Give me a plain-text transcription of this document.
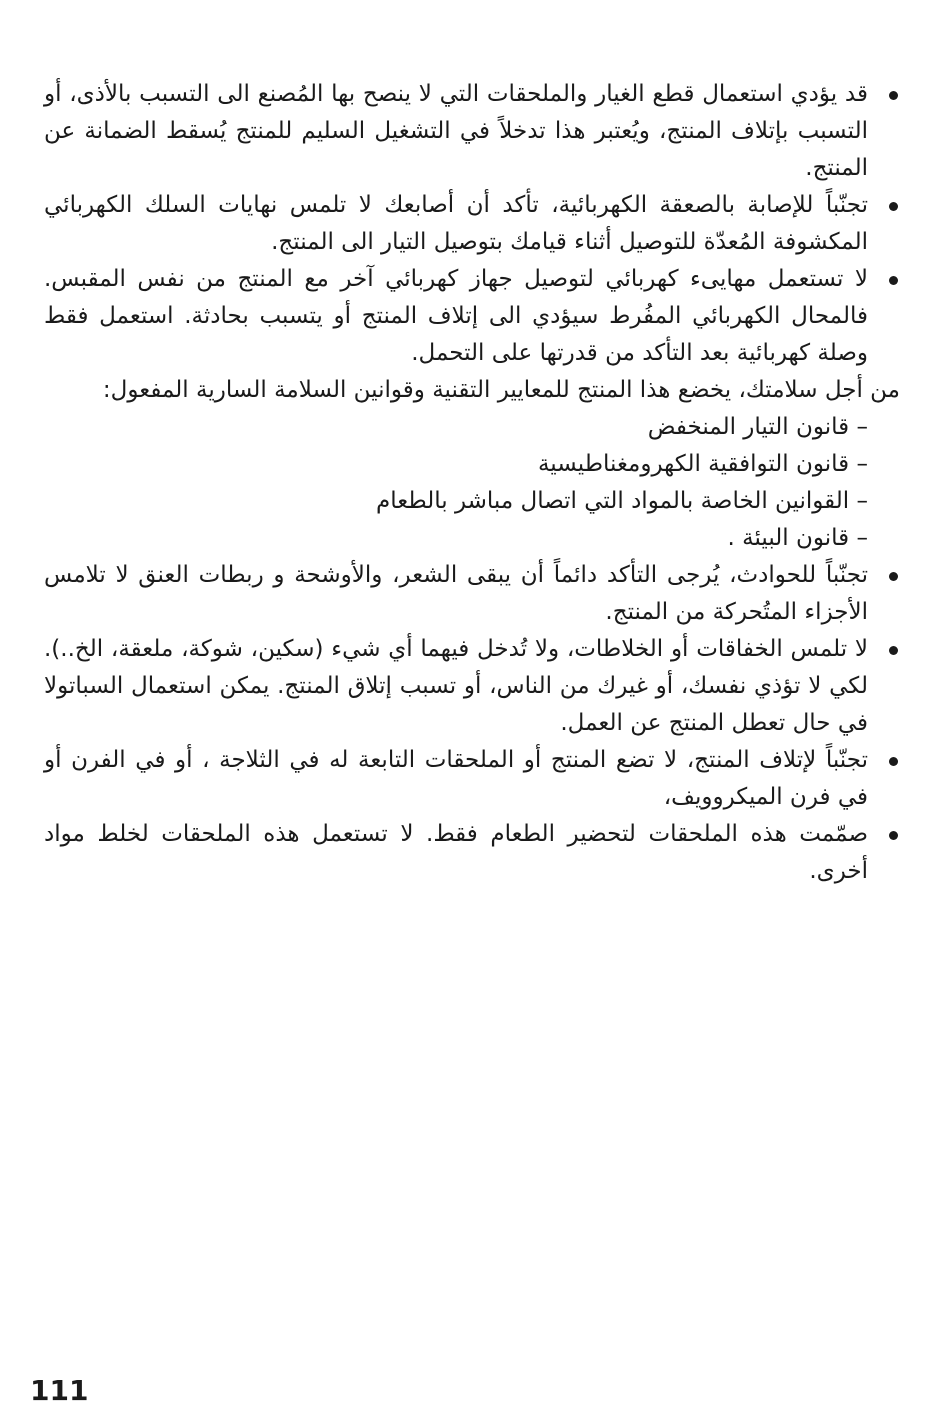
قد يؤدي استعمال قطع الغيار والملحقات التي لا ينصح بها المُصنع الى التسبب بالأذى، أو التسبب بإتلاف المنتج، ويُعتبر هذا تدخلاً في التشغيل السليم للمنتج يُسقط الضمانة عن المنتج.
تجنّباً للإصابة بالصعقة الكهربائية، تأكد أن أصابعك لا تلمس نهايات السلك الكهربائي المكشوفة المُعدّة للتوصيل أثناء قيامك بتوصيل التيار الى المنتج.
لا تستعمل مهايىء كهربائي لتوصيل جهاز كهربائي آخر مع المنتج من نفس المقبس. فالمحال الكهربائي المفُرط سيؤدي الى إتلاف المنتج أو يتسبب بحادثة. استعمل فقط وصلة كهربائية بعد التأكد من قدرتها على التحمل.

من أجل سلامتك، يخضع هذا المنتج للمعايير التقنية وقوانين السلامة السارية المفعول:

– قانون التيار المنخفض
– قانون التوافقية الكهرومغناطيسية
– القوانين الخاصة بالمواد التي اتصال مباشر بالطعام
– قانون البيئة .
تجنّباً للحوادث، يُرجى التأكد دائماً أن يبقى الشعر، والأوشحة و ربطات العنق لا تلامس الأجزاء المتُحركة من المنتج.
لا تلمس الخفاقات أو الخلاطات، ولا تُدخل فيهما أي شيء (سكين، شوكة، ملعقة، الخ..). لكي لا تؤذي نفسك، أو غيرك من الناس، أو تسبب إتلاق المنتج. يمكن استعمال السباتولا في حال تعطل المنتج عن العمل.
تجنّباً لإتلاف المنتج، لا تضع المنتج أو الملحقات التابعة له في الثلاجة ، أو في الفرن أو في فرن الميكروويف،
صمّمت هذه الملحقات لتحضير الطعام فقط. لا تستعمل هذه الملحقات لخلط مواد أخرى.
111
